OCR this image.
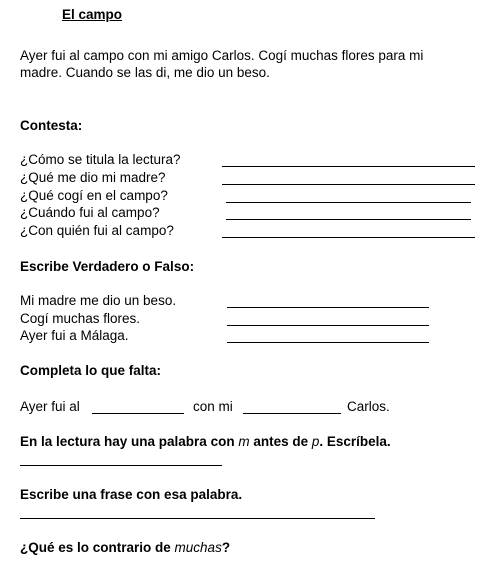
El campo
Ayer fui al campo con mi amigo Carlos. Cogí muchas flores para mi
madre. Cuando se las di, me dio un beso.
Contesta:
¿Cómo se titula la lectura?
¿Qué me dio mi madre?
¿Qué cogí en el campo?
¿Cuándo fui al campo?
¿Con quién fui al campo?
Escribe Verdadero o Falso:
Mi madre me dio un beso.
Cogí muchas flores.
Ayer fui a Málaga.
Completa lo que falta:
Ayer fui al	con mi	Carlos.
En la lectura hay una palabra con m antes de p. Escríbela.
Escribe una frase con esa palabra.
¿Qué es lo contrario de muchas?
